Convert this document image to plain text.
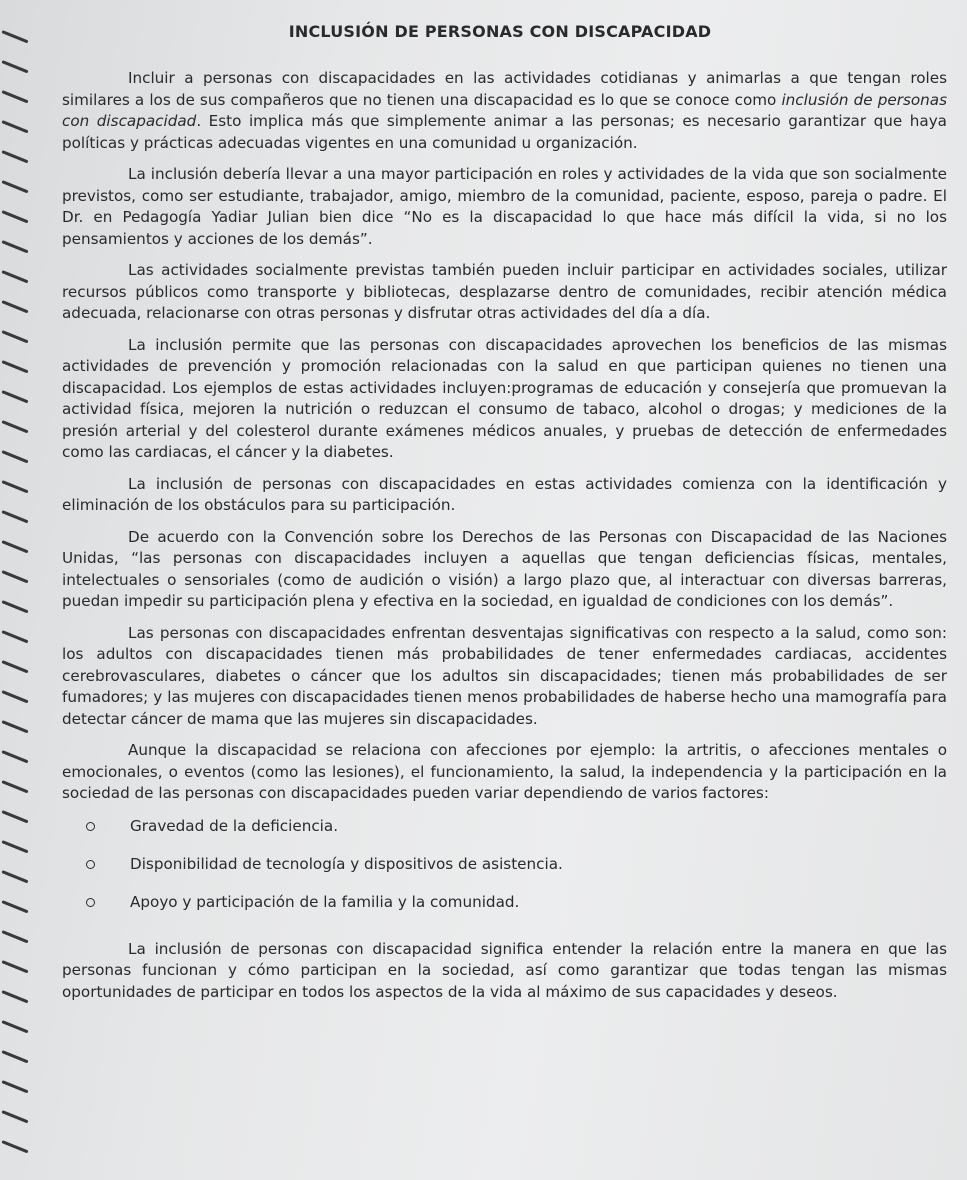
INCLUSIÓN DE PERSONAS CON DISCAPACIDAD

Incluir a personas con discapacidades en las actividades cotidianas y animarlas a que tengan roles similares a los de sus compañeros que no tienen una discapacidad es lo que se conoce como inclusión de personas con discapacidad. Esto implica más que simplemente animar a las personas; es necesario garantizar que haya políticas y prácticas adecuadas vigentes en una comunidad u organización.

La inclusión debería llevar a una mayor participación en roles y actividades de la vida que son socialmente previstos, como ser estudiante, trabajador, amigo, miembro de la comunidad, paciente, esposo, pareja o padre. El Dr. en Pedagogía Yadiar Julian bien dice “No es la discapacidad lo que hace más difícil la vida, si no los pensamientos y acciones de los demás”.

Las actividades socialmente previstas también pueden incluir participar en actividades sociales, utilizar recursos públicos como transporte y bibliotecas, desplazarse dentro de comunidades, recibir atención médica adecuada, relacionarse con otras personas y disfrutar otras actividades del día a día.

La inclusión permite que las personas con discapacidades aprovechen los beneficios de las mismas actividades de prevención y promoción relacionadas con la salud en que participan quienes no tienen una discapacidad. Los ejemplos de estas actividades incluyen:programas de educación y consejería que promuevan la actividad física, mejoren la nutrición o reduzcan el consumo de tabaco, alcohol o drogas; y mediciones de la presión arterial y del colesterol durante exámenes médicos anuales, y pruebas de detección de enfermedades como las cardiacas, el cáncer y la diabetes.

La inclusión de personas con discapacidades en estas actividades comienza con la identificación y eliminación de los obstáculos para su participación.

De acuerdo con la Convención sobre los Derechos de las Personas con Discapacidad de las Naciones Unidas, “las personas con discapacidades incluyen a aquellas que tengan deficiencias físicas, mentales, intelectuales o sensoriales (como de audición o visión) a largo plazo que, al interactuar con diversas barreras, puedan impedir su participación plena y efectiva en la sociedad, en igualdad de condiciones con los demás”.

Las personas con discapacidades enfrentan desventajas significativas con respecto a la salud, como son: los adultos con discapacidades tienen más probabilidades de tener enfermedades cardiacas, accidentes cerebrovasculares, diabetes o cáncer que los adultos sin discapacidades; tienen más probabilidades de ser fumadores; y las mujeres con discapacidades tienen menos probabilidades de haberse hecho una mamografía para detectar cáncer de mama que las mujeres sin discapacidades.

Aunque la discapacidad se relaciona con afecciones por ejemplo: la artritis, o afecciones mentales o emocionales, o eventos (como las lesiones), el funcionamiento, la salud, la independencia y la participación en la sociedad de las personas con discapacidades pueden variar dependiendo de varios factores:

Gravedad de la deficiencia.
Disponibilidad de tecnología y dispositivos de asistencia.
Apoyo y participación de la familia y la comunidad.

La inclusión de personas con discapacidad significa entender la relación entre la manera en que las personas funcionan y cómo participan en la sociedad, así como garantizar que todas tengan las mismas oportunidades de participar en todos los aspectos de la vida al máximo de sus capacidades y deseos.
